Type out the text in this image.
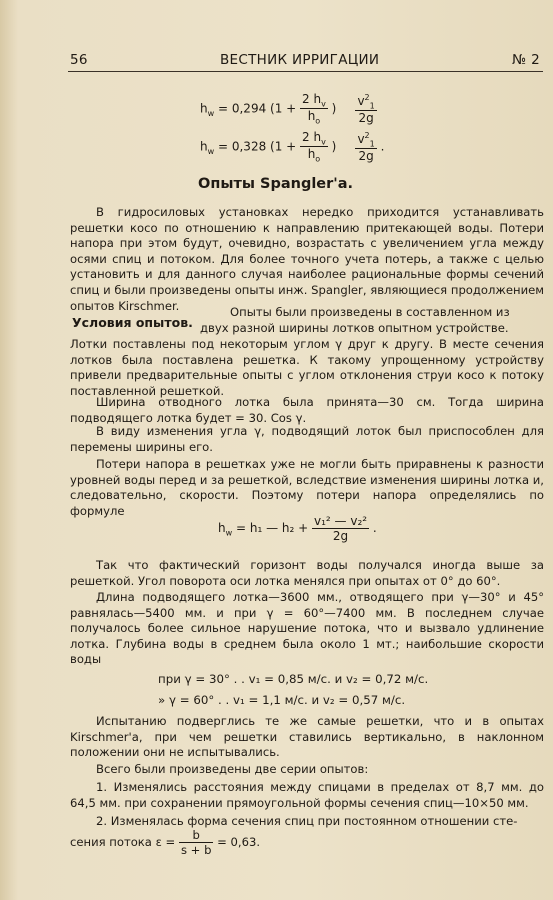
56	ВЕСТНИК ИРРИГАЦИИ	№ 2
$h_w = 0,294$ ($1 + \frac{2 h_v}{h_o}$ ) $\frac{v^2_1}{2g}$
$h_w = 0,328$ ($1 + \frac{2 h_v}{h_o}$ ) $\frac{v^2_1}{2g}$ .
Опыты Spangler'a.
В гидросиловых установках нередко приходится устанавливать решетки косо по отношению к направлению притекающей воды. Потери напора при этом будут, очевидно, возрастать с увеличением угла между осями спиц и потоком. Для более точного учета потерь, а также с целью установить и для данного случая наиболее рациональные формы сечений спиц и были произведены опыты инж. Spangler, являющиеся продолжением опытов Kirschmer.	Опыты были произведены в составленном из
Условия опытов. двух разной ширины лотков опытном устройстве.
Лотки поставлены под некоторым углом γ друг к другу. В месте сечения лотков была поставлена решетка. К такому упрощенному устройству привели предварительные опыты с углом отклонения струи косо к потоку поставленной решеткой.
Ширина отводного лотка была принята—30 см. Тогда ширина подводящего лотка будет = 30. Cos γ.
В виду изменения угла γ, подводящий лоток был приспособлен для перемены ширины его.
Потери напора в решетках уже не могли быть приравнены к разности уровней воды перед и за решеткой, вследствие изменения ширины лотка и, следовательно, скорости. Поэтому потери напора определялись по формуле
$h_w = h_1$ — $h_2 + \frac{\text{v₁² — v₂²}}{2g}$ .
Так что фактический горизонт воды получался иногда выше за решеткой. Угол поворота оси лотка менялся при опытах от 0° до 60°.
Длина подводящего лотка—3600 мм., отводящего при γ—30° и 45° равнялась—5400 мм. и при γ = 60°—7400 мм. В последнем случае получалось более сильное нарушение потока, что и вызвало удлинение лотка. Глубина воды в среднем была около 1 мт.; наибольшие скорости воды
при γ = 30° . . v₁ = 0,85 м/с. и v₂ = 0,72 м/с.
» γ = 60° . . v₁ = 1,1 м/с. и v₂ = 0,57 м/с.
Испытанию подверглись те же самые решетки, что и в опытах Kirschmer'a, при чем решетки ставились вертикально, в наклонном положении они не испытывались.
Всего были произведены две серии опытов:
1. Изменялись расстояния между спицами в пределах от 8,7 мм. до 64,5 мм. при сохранении прямоугольной формы сечения спиц—10×50 мм.
2. Изменялась форма сечения спиц при постоянном отношении сте-
сения потока $\varepsilon = \frac{b}{s + b} = 0,63$.
